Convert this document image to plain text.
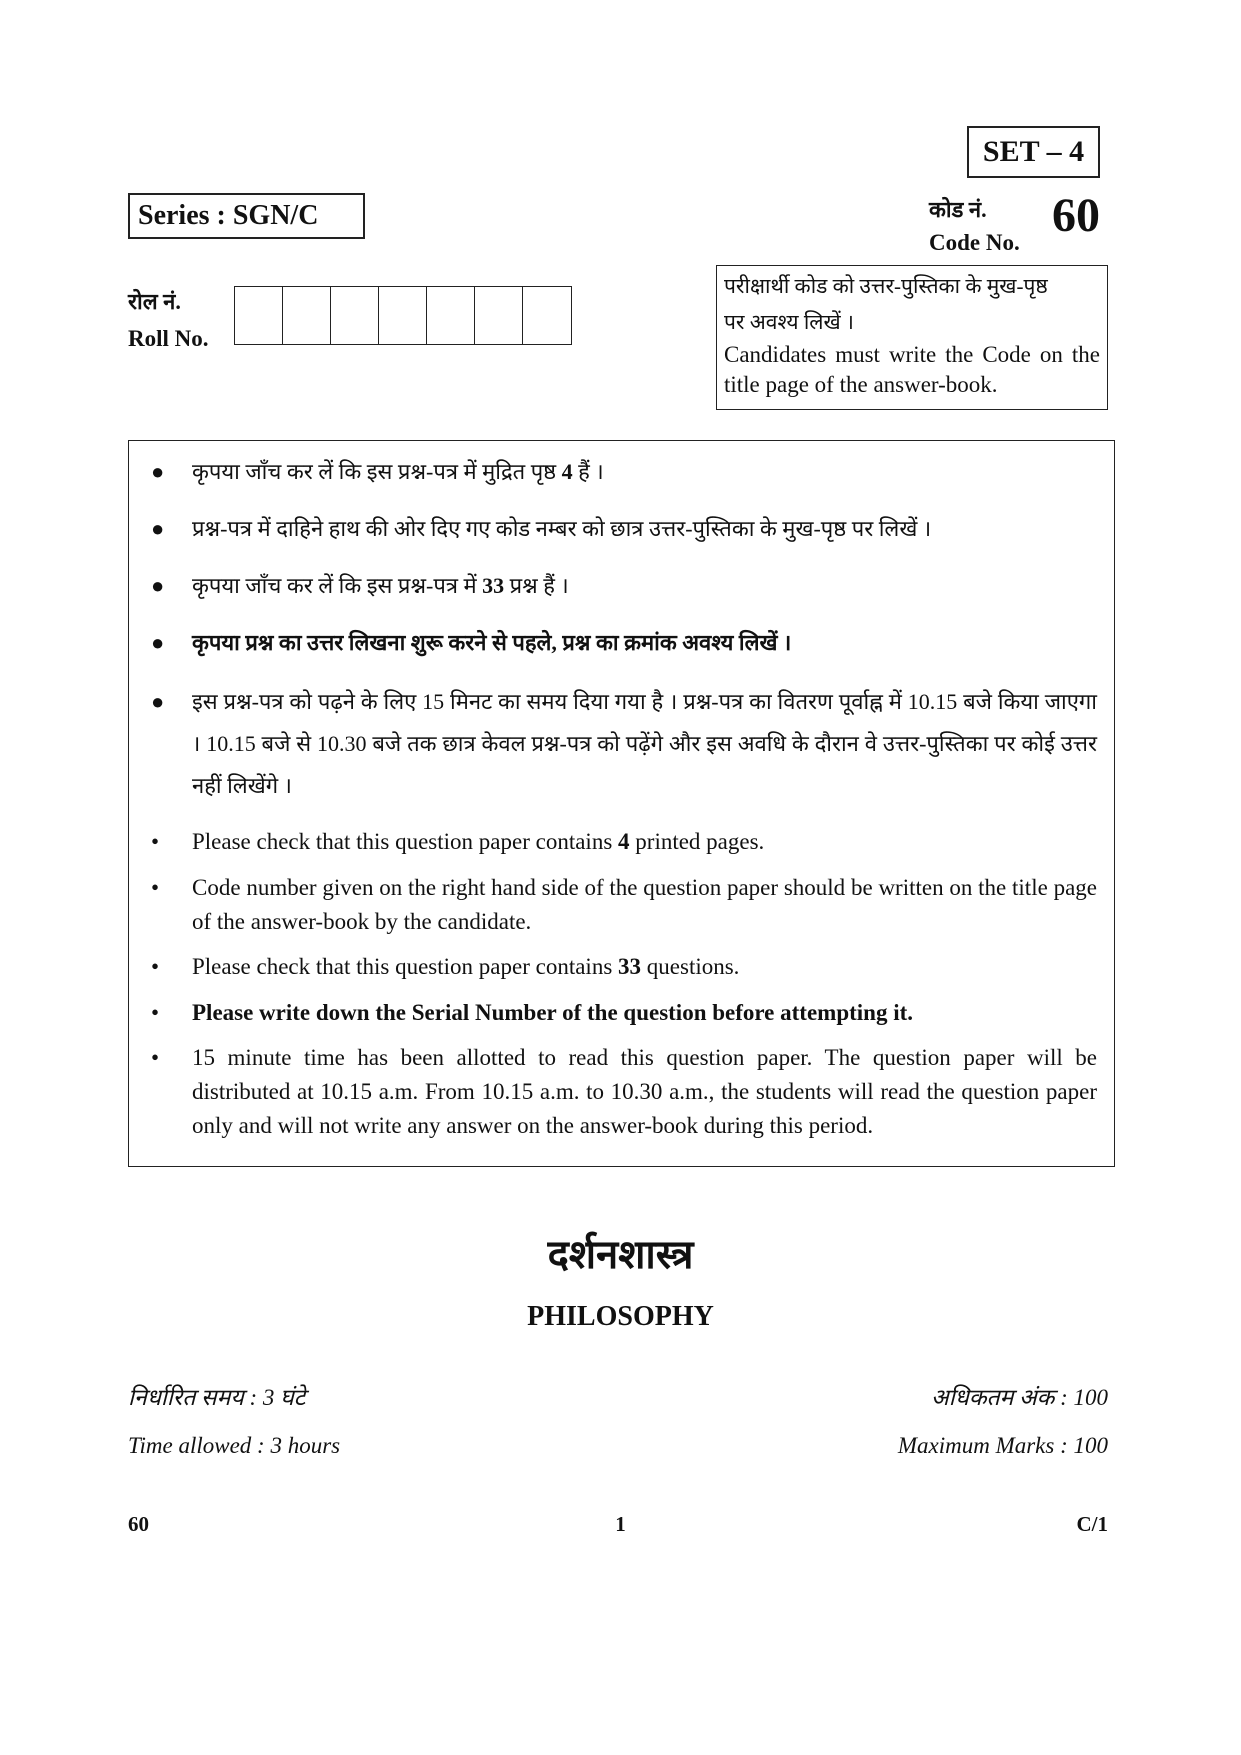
SET – 4
Series : SGN/C	कोड नं.
Code No.
60
रोल नं.
Roll No.
परीक्षार्थी कोड को उत्तर-पुस्तिका के मुख-पृष्ठ
पर अवश्य लिखें ।
Candidates must write the Code on the title page of the answer-book.
● कृपया जाँच कर लें कि इस प्रश्न-पत्र में मुद्रित पृष्ठ 4 हैं ।
● प्रश्न-पत्र में दाहिने हाथ की ओर दिए गए कोड नम्बर को छात्र उत्तर-पुस्तिका के मुख-पृष्ठ पर लिखें ।
● कृपया जाँच कर लें कि इस प्रश्न-पत्र में 33 प्रश्न हैं ।
● कृपया प्रश्न का उत्तर लिखना शुरू करने से पहले, प्रश्न का क्रमांक अवश्य लिखें ।
● इस प्रश्न-पत्र को पढ़ने के लिए 15 मिनट का समय दिया गया है । प्रश्न-पत्र का वितरण पूर्वाह्न में 10.15 बजे किया जाएगा । 10.15 बजे से 10.30 बजे तक छात्र केवल प्रश्न-पत्र को पढ़ेंगे और इस अवधि के दौरान वे उत्तर-पुस्तिका पर कोई उत्तर नहीं लिखेंगे ।
• Please check that this question paper contains 4 printed pages.
• Code number given on the right hand side of the question paper should be written on the title page of the answer-book by the candidate.
• Please check that this question paper contains 33 questions.
• Please write down the Serial Number of the question before attempting it.
• 15 minute time has been allotted to read this question paper. The question paper will be distributed at 10.15 a.m. From 10.15 a.m. to 10.30 a.m., the students will read the question paper only and will not write any answer on the answer-book during this period.
दर्शनशास्त्र
PHILOSOPHY
निर्धारित समय : 3 घंटे
Time allowed : 3 hours
अधिकतम अंक : 100
Maximum Marks : 100
60	1	C/1
